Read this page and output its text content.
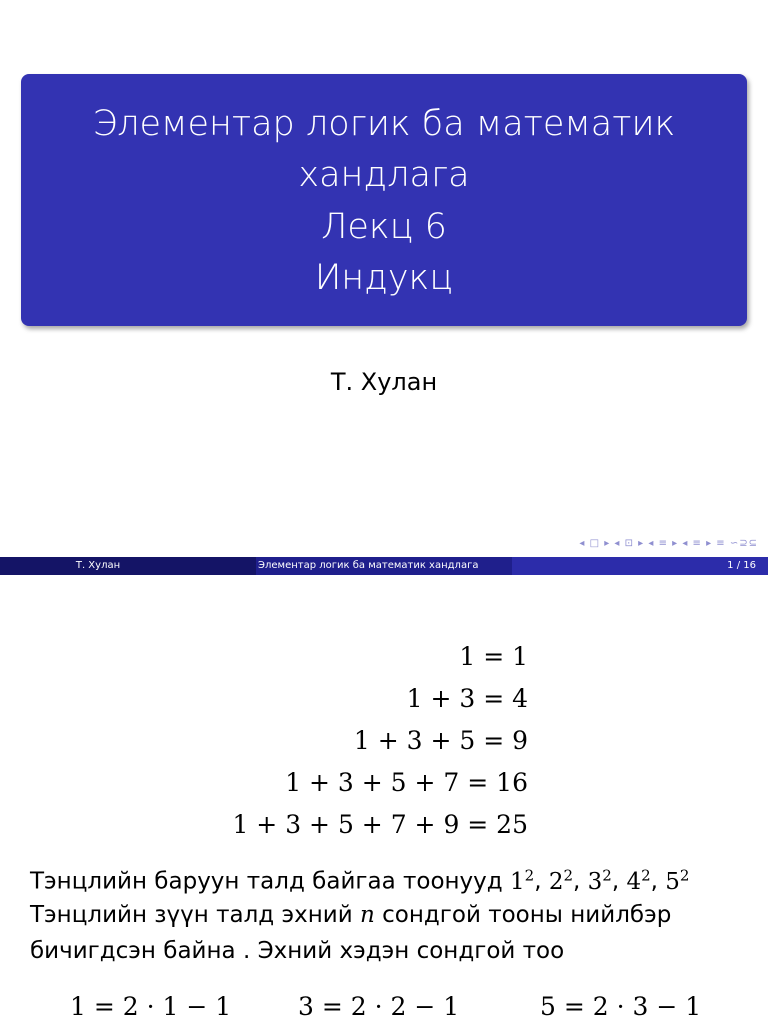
Элементар логик ба математик
хандлага
Лекц 6
Индукц
Т. Хулан
◂ □ ▸ ◂ ⊡ ▸ ◂ ≡ ▸ ◂ ≡ ▸ ≡ ∽⊇⊆
Т. Хулан	Элементар логик ба математик хандлага	1 / 16
1 = 1
1 + 3 = 4
1 + 3 + 5 = 9
1 + 3 + 5 + 7 = 16
1 + 3 + 5 + 7 + 9 = 25
Тэнцлийн баруун талд байгаа тоонууд $1^2$, $2^2$, $3^2$, $4^2$, $5^2$
Тэнцлийн зүүн талд эхний n сондгой тооны нийлбэр
бичигдсэн байна . Эхний хэдэн сондгой тоо
1 = 2 · 1 − 1	3 = 2 · 2 − 1	5 = 2 · 3 − 1
